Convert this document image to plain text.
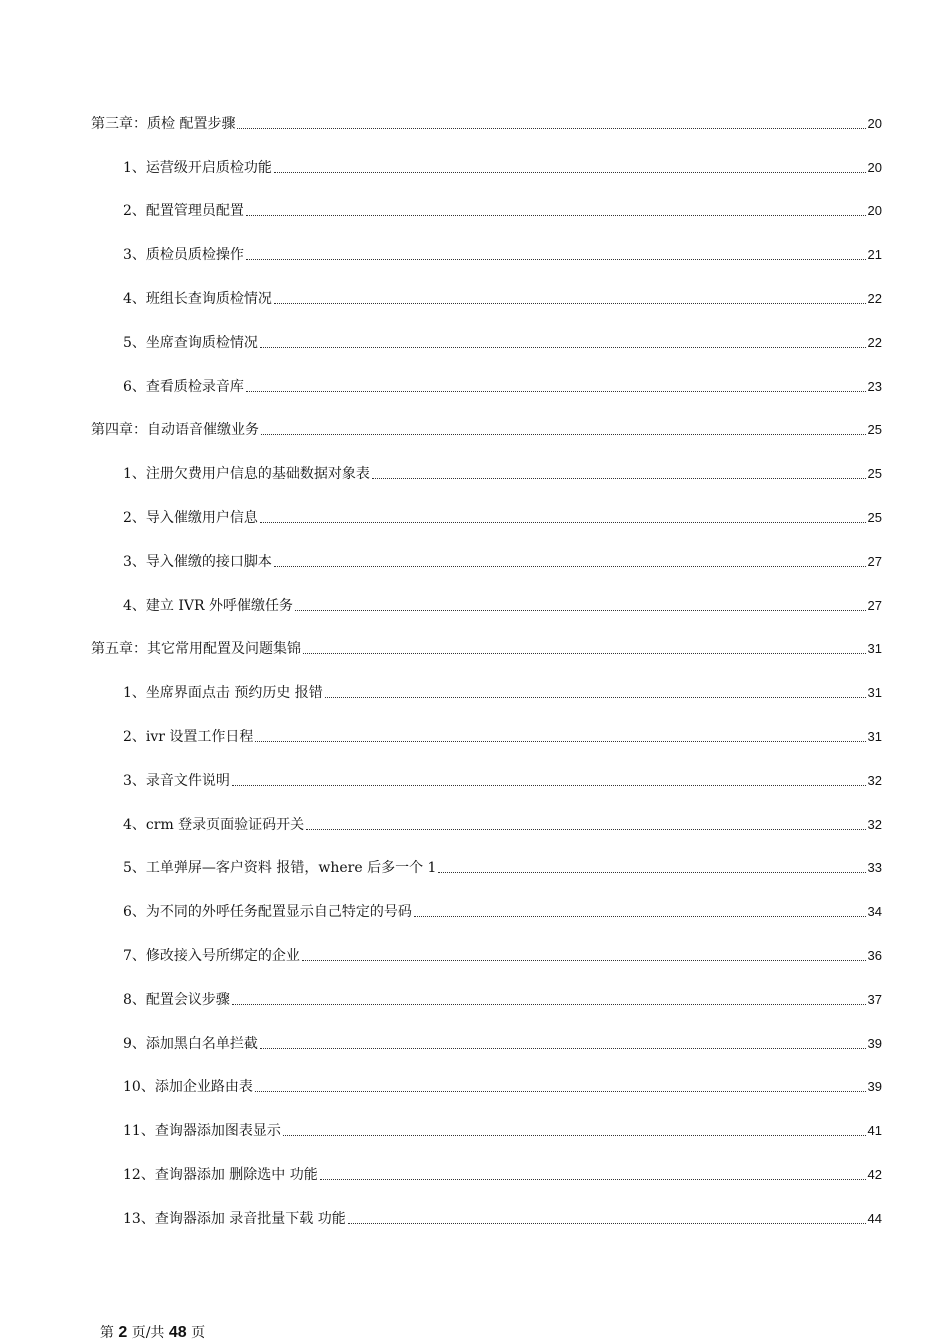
第三章：质检 配置步骤	20
1、运营级开启质检功能	20
2、配置管理员配置	20
3、质检员质检操作	21
4、班组长查询质检情况	22
5、坐席查询质检情况	22
6、查看质检录音库	23
第四章：自动语音催缴业务	25
1、注册欠费用户信息的基础数据对象表	25
2、导入催缴用户信息	25
3、导入催缴的接口脚本	27
4、建立 IVR 外呼催缴任务	27
第五章：其它常用配置及问题集锦	31
1、坐席界面点击 预约历史 报错	31
2、ivr 设置工作日程	31
3、录音文件说明	32
4、crm 登录页面验证码开关	32
5、工单弹屏—客户资料 报错，where 后多一个 1	33
6、为不同的外呼任务配置显示自己特定的号码	34
7、修改接入号所绑定的企业	36
8、配置会议步骤	37
9、添加黑白名单拦截	39
10、添加企业路由表	39
11、查询器添加图表显示	41
12、查询器添加 删除选中 功能	42
13、查询器添加 录音批量下载 功能	44

第 2 页/共 48 页
